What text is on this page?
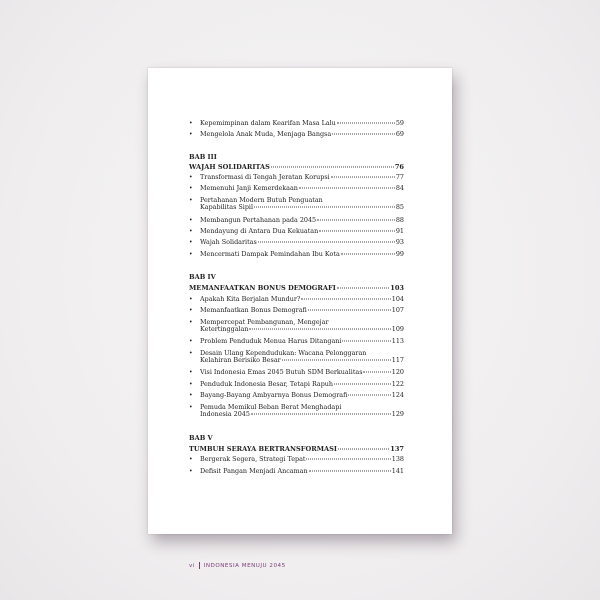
• Kepemimpinan dalam Kearifan Masa Lalu	59
• Mengelola Anak Muda, Menjaga Bangsa	69
BAB III
WAJAH SOLIDARITAS	76
• Transformasi di Tengah Jeratan Korupsi	77
• Memenuhi Janji Kemerdekaan	84
• Pertahanan Modern Butuh Penguatan
Kapabilitas Sipil	85
• Membangun Pertahanan pada 2045	88
• Mendayung di Antara Dua Kekuatan	91
• Wajah Solidaritas	93
• Mencermati Dampak Pemindahan Ibu Kota	99
BAB IV
MEMANFAATKAN BONUS DEMOGRAFI	103
• Apakah Kita Berjalan Mundur?	104
• Memanfaatkan Bonus Demografi	107
• Mempercepat Pembangunan, Mengejar
Ketertinggalan	109
• Problem Penduduk Menua Harus Ditangani	113
• Desain Ulang Kependudukan: Wacana Pelonggaran
Kelahiran Berisiko Besar	117
• Visi Indonesia Emas 2045 Butuh SDM Berkualitas	120
• Penduduk Indonesia Besar, Tetapi Rapuh	122
• Bayang-Bayang Ambyarnya Bonus Demografi	124
• Pemuda Memikul Beban Berat Menghadapi
Indonesia 2045	129
BAB V
TUMBUH SERAYA BERTRANSFORMASI	137
• Bergerak Segera, Strategi Tepat	138
• Defisit Pangan Menjadi Ancaman	141
vi INDONESIA MENUJU 2045
